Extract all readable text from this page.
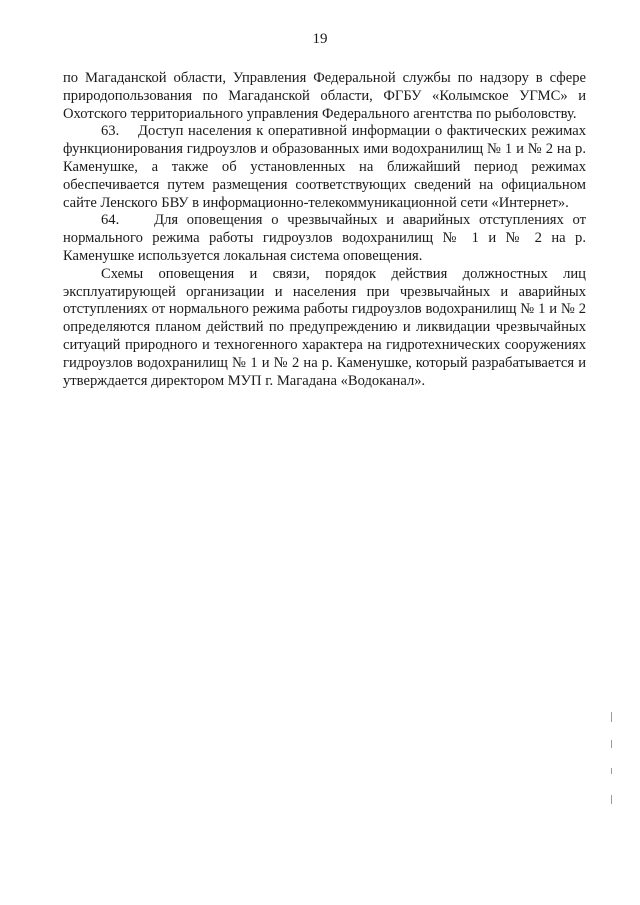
19

по Магаданской области, Управления Федеральной службы по надзору в сфере природопользования по Магаданской области, ФГБУ «Колымское УГМС» и Охотского территориального управления Федерального агентства по рыболовству.

63.    Доступ населения к оперативной информации о фактических режимах функционирования гидроузлов и образованных ими водохранилищ № 1 и № 2 на р. Каменушке, а также об установленных на ближайший период режимах обеспечивается путем размещения соответствующих сведений на официальном сайте Ленского БВУ в информационно-телекоммуникационной сети «Интернет».

64.    Для оповещения о чрезвычайных и аварийных отступлениях от нормального режима работы гидроузлов водохранилищ № 1 и № 2 на р. Каменушке используется локальная система оповещения.

Схемы оповещения и связи, порядок действия должностных лиц эксплуатирующей организации и населения при чрезвычайных и аварийных отступлениях от нормального режима работы гидроузлов водохранилищ № 1 и № 2 определяются планом действий по предупреждению и ликвидации чрезвычайных ситуаций природного и техногенного характера на гидротехнических сооружениях гидроузлов водохранилищ № 1 и № 2 на р. Каменушке, который разрабатывается и утверждается директором МУП г. Магадана «Водоканал».
